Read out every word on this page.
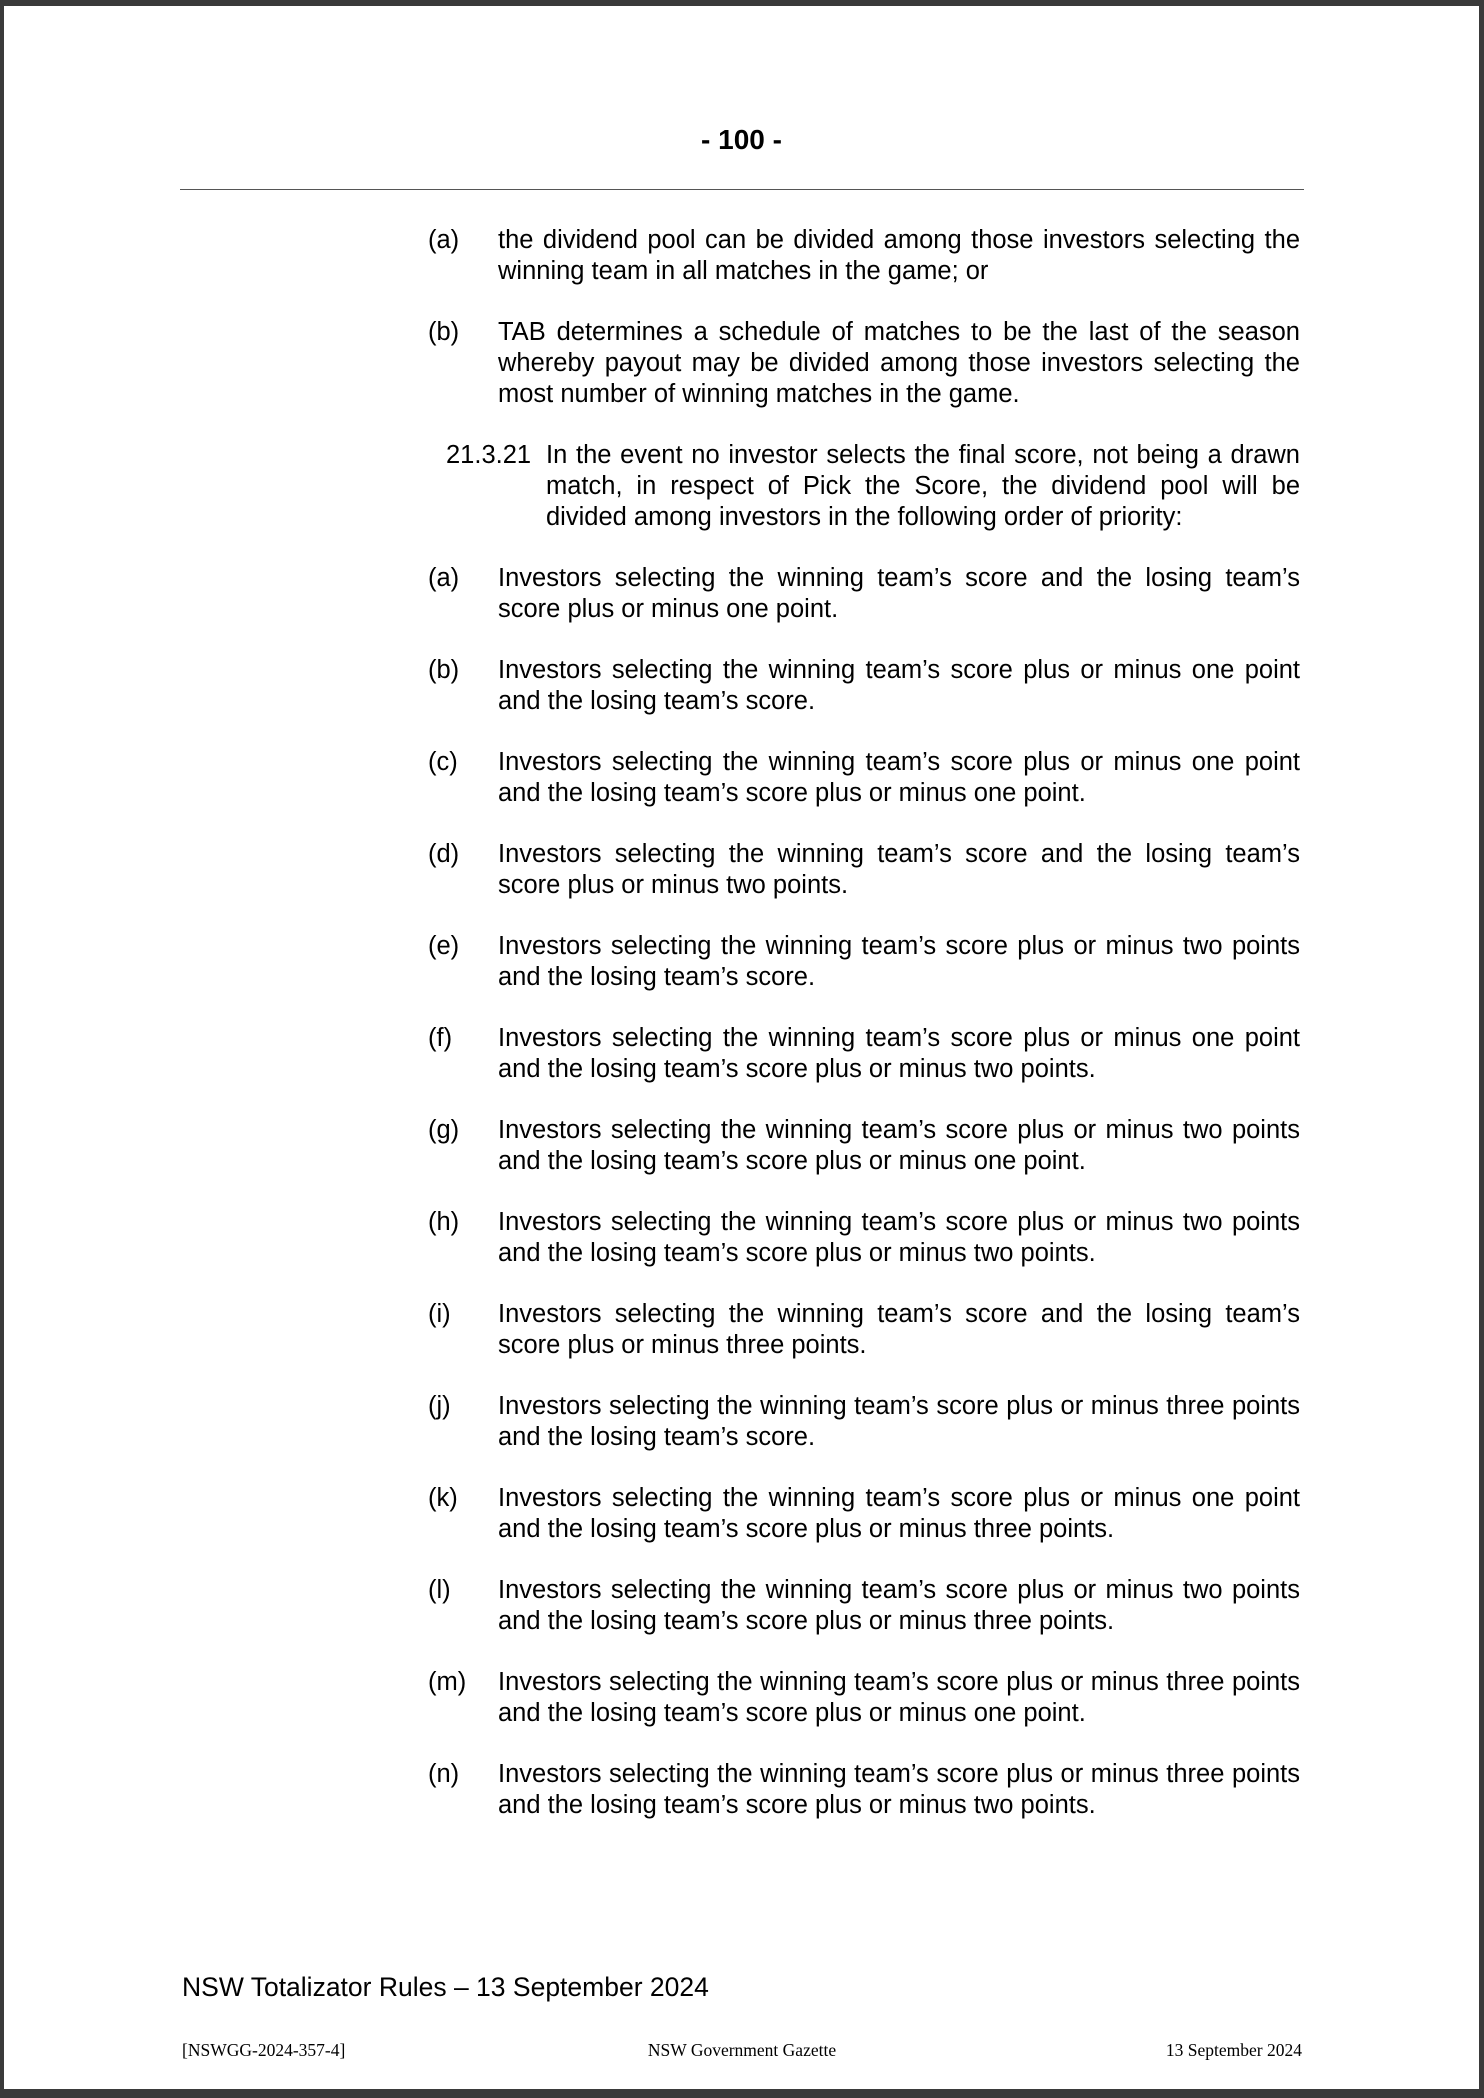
- 100 -
(a)	the dividend pool can be divided among those investors selecting the winning team in all matches in the game; or
(b)	TAB determines a schedule of matches to be the last of the season whereby payout may be divided among those investors selecting the most number of winning matches in the game.
21.3.21 In the event no investor selects the final score, not being a drawn match, in respect of Pick the Score, the dividend pool will be divided among investors in the following order of priority:
(a)	Investors selecting the winning team’s score and the losing team’s score plus or minus one point.
(b)	Investors selecting the winning team’s score plus or minus one point and the losing team’s score.
(c)	Investors selecting the winning team’s score plus or minus one point and the losing team’s score plus or minus one point.
(d)	Investors selecting the winning team’s score and the losing team’s score plus or minus two points.
(e)	Investors selecting the winning team’s score plus or minus two points and the losing team’s score.
(f)	Investors selecting the winning team’s score plus or minus one point and the losing team’s score plus or minus two points.
(g)	Investors selecting the winning team’s score plus or minus two points and the losing team’s score plus or minus one point.
(h)	Investors selecting the winning team’s score plus or minus two points and the losing team’s score plus or minus two points.
(i)	Investors selecting the winning team’s score and the losing team’s score plus or minus three points.
(j)	Investors selecting the winning team’s score plus or minus three points and the losing team’s score.
(k)	Investors selecting the winning team’s score plus or minus one point and the losing team’s score plus or minus three points.
(l)	Investors selecting the winning team’s score plus or minus two points and the losing team’s score plus or minus three points.
(m)	Investors selecting the winning team’s score plus or minus three points and the losing team’s score plus or minus one point.
(n)	Investors selecting the winning team’s score plus or minus three points and the losing team’s score plus or minus two points.
NSW Totalizator Rules – 13 September 2024
[NSWGG-2024-357-4]	NSW Government Gazette	13 September 2024
